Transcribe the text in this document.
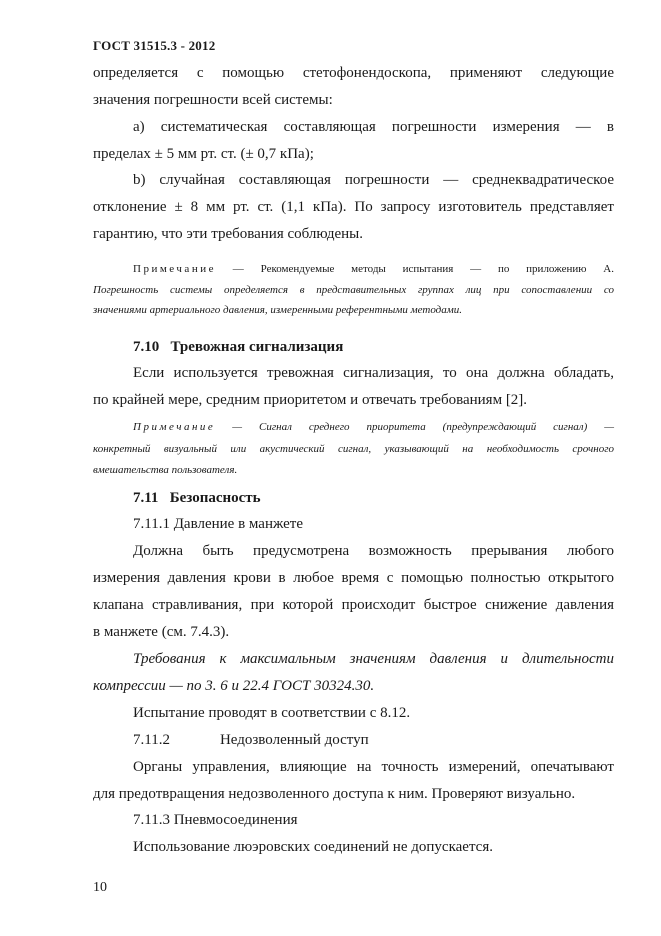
ГОСТ 31515.3 - 2012
определяется с помощью стетофонендоскопа, применяют следующие
значения погрешности всей системы:
а) систематическая составляющая погрешности измерения — в
пределах ± 5 мм рт. ст. (± 0,7 кПа);
b) случайная составляющая погрешности — среднеквадратическое
отклонение ± 8 мм рт. ст. (1,1 кПа). По запросу изготовитель представляет
гарантию, что эти требования соблюдены.
Примечание — Рекомендуемые методы испытания — по приложению А.
Погрешность системы определяется в представительных группах лиц при сопоставлении со
значениями артериального давления, измеренными референтными методами.
7.10 Тревожная сигнализация
Если используется тревожная сигнализация, то она должна обладать,
по крайней мере, средним приоритетом и отвечать требованиям [2].
Примечание — Сигнал среднего приоритета (предупреждающий сигнал) —
конкретный визуальный или акустический сигнал, указывающий на необходимость срочного
вмешательства пользователя.
7.11 Безопасность
7.11.1 Давление в манжете
Должна быть предусмотрена возможность прерывания любого
измерения давления крови в любое время с помощью полностью открытого
клапана стравливания, при которой происходит быстрое снижение давления
в манжете (см. 7.4.3).
Требования к максимальным значениям давления и длительности
компрессии — по 3. 6 и 22.4 ГОСТ 30324.30.
Испытание проводят в соответствии с 8.12.
7.11.2	Недозволенный доступ
Органы управления, влияющие на точность измерений, опечатывают
для предотвращения недозволенного доступа к ним. Проверяют визуально.
7.11.3 Пневмосоединения
Использование люэровских соединений не допускается.
10
